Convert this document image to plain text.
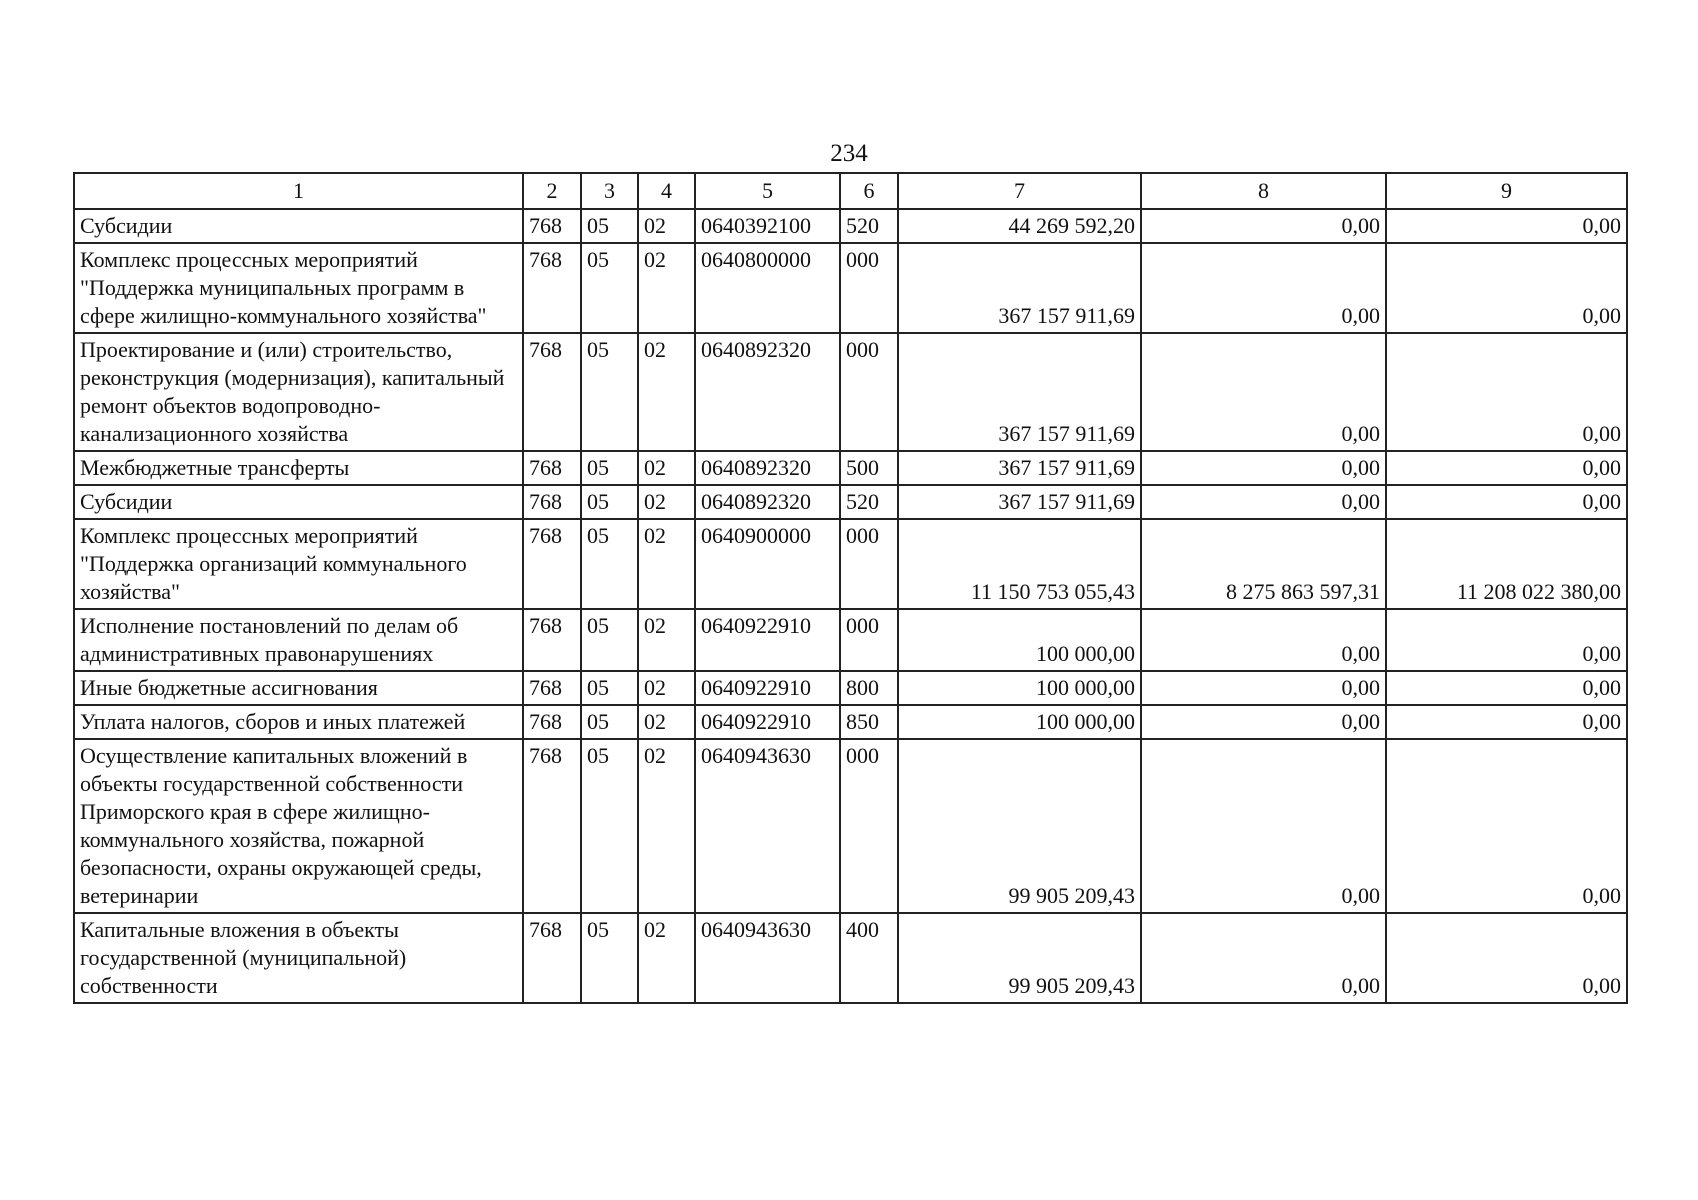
234
1	2	3	4	5	6	7	8	9
Субсидии	768	05	02	0640392100	520	44 269 592,20	0,00	0,00
Комплекс процессных мероприятий "Поддержка муниципальных программ в сфере жилищно-коммунального хозяйства"	768	05	02	0640800000	000	367 157 911,69	0,00	0,00
Проектирование и (или) строительство, реконструкция (модернизация), капитальный ремонт объектов водопроводно-канализационного хозяйства	768	05	02	0640892320	000	367 157 911,69	0,00	0,00
Межбюджетные трансферты	768	05	02	0640892320	500	367 157 911,69	0,00	0,00
Субсидии	768	05	02	0640892320	520	367 157 911,69	0,00	0,00
Комплекс процессных мероприятий "Поддержка организаций коммунального хозяйства"	768	05	02	0640900000	000	11 150 753 055,43	8 275 863 597,31	11 208 022 380,00
Исполнение постановлений по делам об административных правонарушениях	768	05	02	0640922910	000	100 000,00	0,00	0,00
Иные бюджетные ассигнования	768	05	02	0640922910	800	100 000,00	0,00	0,00
Уплата налогов, сборов и иных платежей	768	05	02	0640922910	850	100 000,00	0,00	0,00
Осуществление капитальных вложений в объекты государственной собственности Приморского края в сфере жилищно-коммунального хозяйства, пожарной безопасности, охраны окружающей среды, ветеринарии	768	05	02	0640943630	000	99 905 209,43	0,00	0,00
Капитальные вложения в объекты государственной (муниципальной) собственности	768	05	02	0640943630	400	99 905 209,43	0,00	0,00
